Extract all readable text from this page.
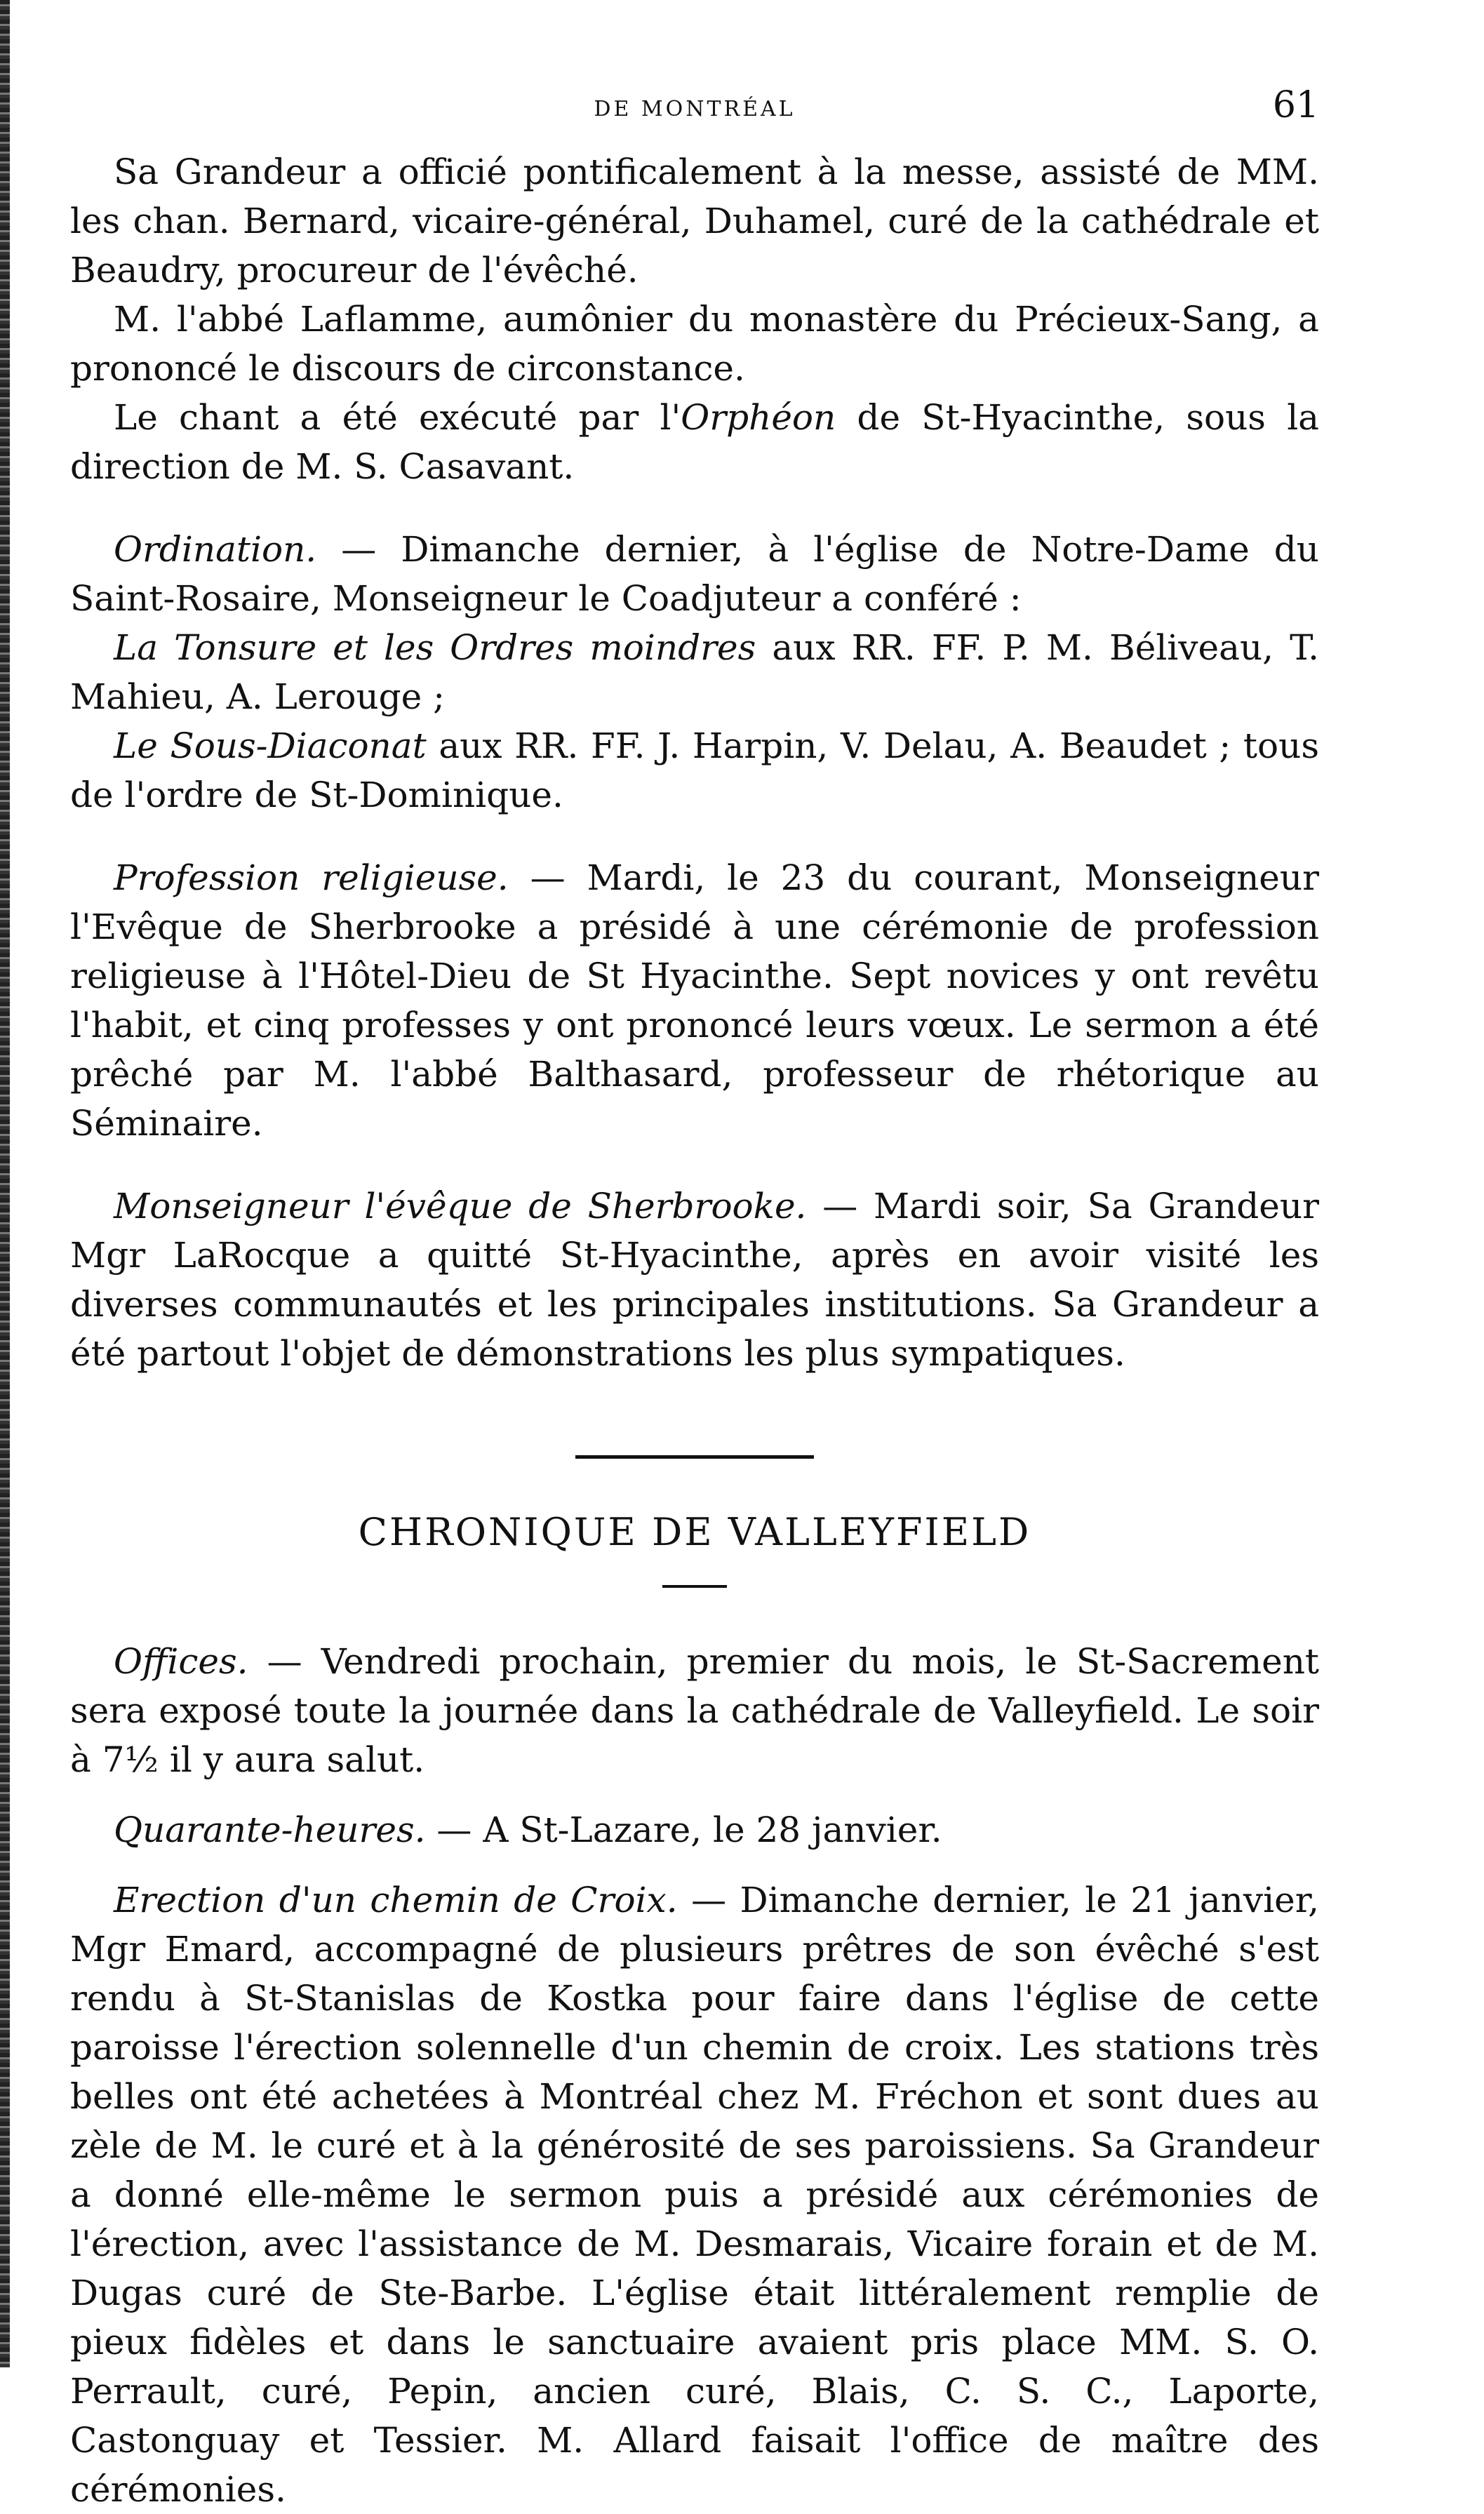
DE MONTRÉAL	61

Sa Grandeur a officié pontificalement à la messe, assisté de MM. les chan. Bernard, vicaire-général, Duhamel, curé de la cathédrale et Beaudry, procureur de l'évêché.

M. l'abbé Laflamme, aumônier du monastère du Précieux-Sang, a prononcé le discours de circonstance.

Le chant a été exécuté par l'Orphéon de St-Hyacinthe, sous la direction de M. S. Casavant.

Ordination. — Dimanche dernier, à l'église de Notre-Dame du Saint-Rosaire, Monseigneur le Coadjuteur a conféré :

La Tonsure et les Ordres moindres aux RR. FF. P. M. Béliveau, T. Mahieu, A. Lerouge ;

Le Sous-Diaconat aux RR. FF. J. Harpin, V. Delau, A. Beaudet ; tous de l'ordre de St-Dominique.

Profession religieuse. — Mardi, le 23 du courant, Monseigneur l'Evêque de Sherbrooke a présidé à une cérémonie de profession religieuse à l'Hôtel-Dieu de St Hyacinthe. Sept novices y ont revêtu l'habit, et cinq professes y ont prononcé leurs vœux. Le sermon a été prêché par M. l'abbé Balthasard, professeur de rhétorique au Séminaire.

Monseigneur l'évêque de Sherbrooke. — Mardi soir, Sa Grandeur Mgr LaRocque a quitté St-Hyacinthe, après en avoir visité les diverses communautés et les principales institutions. Sa Grandeur a été partout l'objet de démonstrations les plus sympatiques.

CHRONIQUE DE VALLEYFIELD

Offices. — Vendredi prochain, premier du mois, le St-Sacrement sera exposé toute la journée dans la cathédrale de Valleyfield. Le soir à 7½ il y aura salut.

Quarante-heures. — A St-Lazare, le 28 janvier.

Erection d'un chemin de Croix. — Dimanche dernier, le 21 janvier, Mgr Emard, accompagné de plusieurs prêtres de son évêché s'est rendu à St-Stanislas de Kostka pour faire dans l'église de cette paroisse l'érection solennelle d'un chemin de croix. Les stations très belles ont été achetées à Montréal chez M. Fréchon et sont dues au zèle de M. le curé et à la générosité de ses paroissiens. Sa Grandeur a donné elle-même le sermon puis a présidé aux cérémonies de l'érection, avec l'assistance de M. Desmarais, Vicaire forain et de M. Dugas curé de Ste-Barbe. L'église était littéralement remplie de pieux fidèles et dans le sanctuaire avaient pris place MM. S. O. Perrault, curé, Pepin, ancien curé, Blais, C. S. C., Laporte, Castonguay et Tessier. M. Allard faisait l'office de maître des cérémonies.
